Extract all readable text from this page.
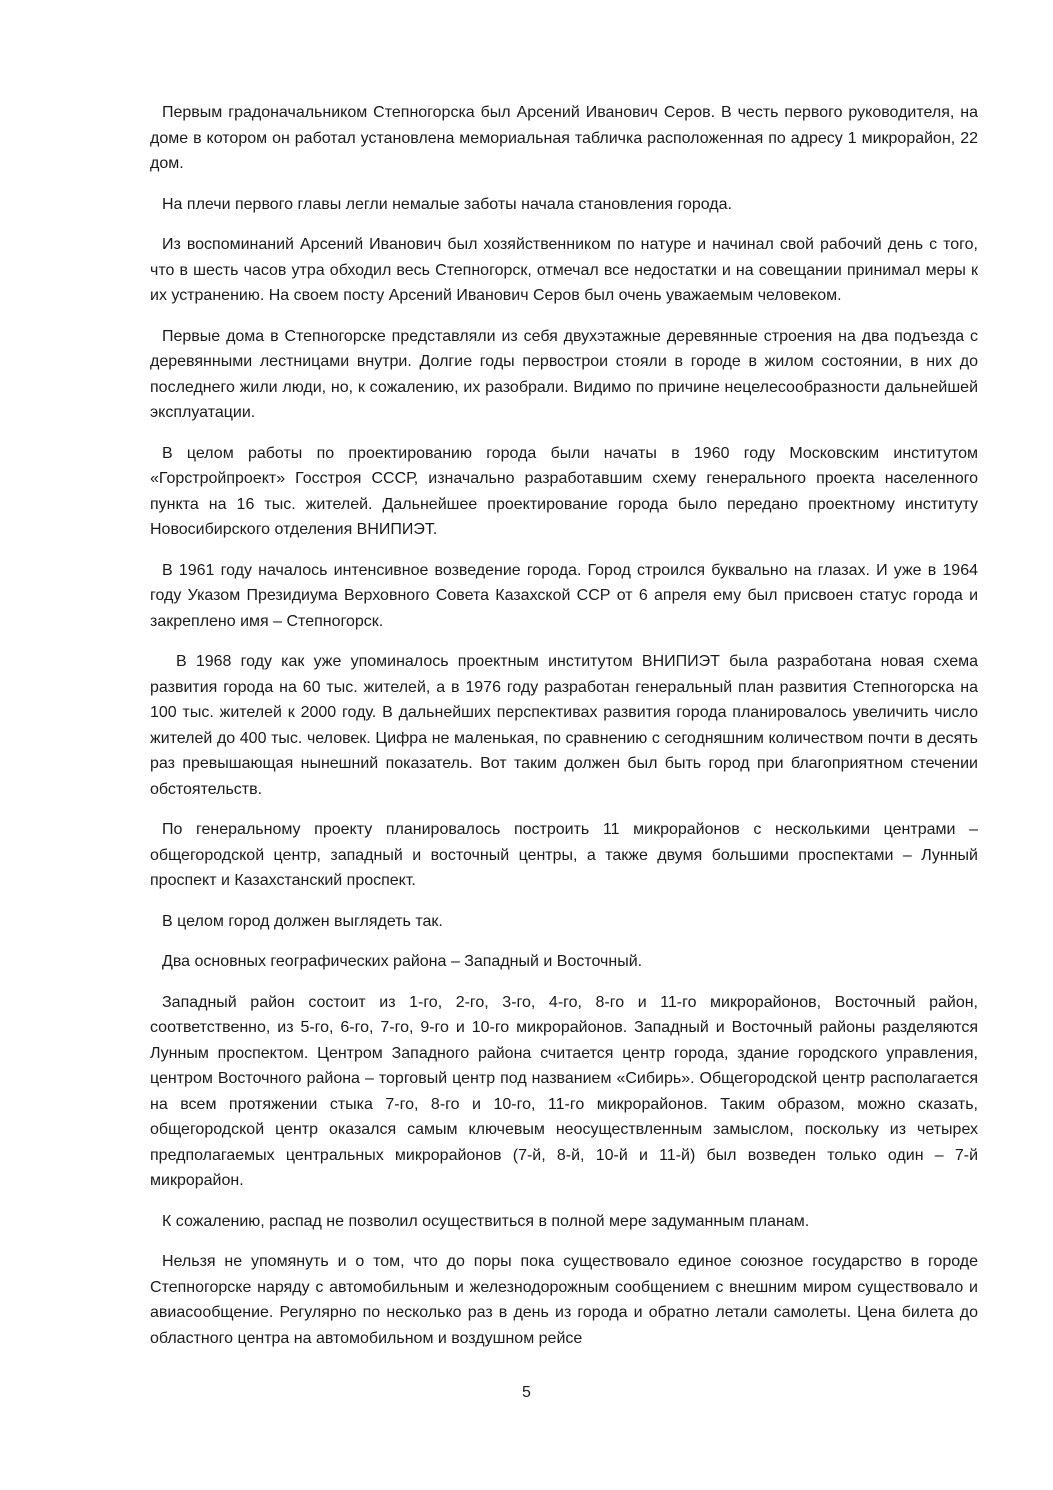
Первым градоначальником Степногорска был Арсений Иванович Серов. В честь первого руководителя, на доме в котором он работал установлена мемориальная табличка расположенная по адресу 1 микрорайон, 22 дом.

На плечи первого главы легли немалые заботы начала становления города.

Из воспоминаний Арсений Иванович был хозяйственником по натуре и начинал свой рабочий день с того, что в шесть часов утра обходил весь Степногорск, отмечал все недостатки и на совещании принимал меры к их устранению. На своем посту Арсений Иванович Серов был очень уважаемым человеком.

Первые дома в Степногорске представляли из себя двухэтажные деревянные строения на два подъезда с деревянными лестницами внутри. Долгие годы первострои стояли в городе в жилом состоянии, в них до последнего жили люди, но, к сожалению, их разобрали. Видимо по причине нецелесообразности дальнейшей эксплуатации.

В целом работы по проектированию города были начаты в 1960 году Московским институтом «Горстройпроект» Госстроя СССР, изначально разработавшим схему генерального проекта населенного пункта на 16 тыс. жителей. Дальнейшее проектирование города было передано проектному институту Новосибирского отделения ВНИПИЭТ.

В 1961 году началось интенсивное возведение города. Город строился буквально на глазах. И уже в 1964 году Указом Президиума Верховного Совета Казахской ССР от 6 апреля ему был присвоен статус города и закреплено имя – Степногорск.

В 1968 году как уже упоминалось проектным институтом ВНИПИЭТ была разработана новая схема развития города на 60 тыс. жителей, а в 1976 году разработан генеральный план развития Степногорска на 100 тыс. жителей к 2000 году. В дальнейших перспективах развития города планировалось увеличить число жителей до 400 тыс. человек. Цифра не маленькая, по сравнению с сегодняшним количеством почти в десять раз превышающая нынешний показатель. Вот таким должен был быть город при благоприятном стечении обстоятельств.

По генеральному проекту планировалось построить 11 микрорайонов с несколькими центрами – общегородской центр, западный и восточный центры, а также двумя большими проспектами – Лунный проспект и Казахстанский проспект.

В целом город должен выглядеть так.

Два основных географических района – Западный и Восточный.

Западный район состоит из 1-го, 2-го, 3-го, 4-го, 8-го и 11-го микрорайонов, Восточный район, соответственно, из 5-го, 6-го, 7-го, 9-го и 10-го микрорайонов. Западный и Восточный районы разделяются Лунным проспектом. Центром Западного района считается центр города, здание городского управления, центром Восточного района – торговый центр под названием «Сибирь». Общегородской центр располагается на всем протяжении стыка 7-го, 8-го и 10-го, 11-го микрорайонов. Таким образом, можно сказать, общегородской центр оказался самым ключевым неосуществленным замыслом, поскольку из четырех предполагаемых центральных микрорайонов (7-й, 8-й, 10-й и 11-й) был возведен только один – 7-й микрорайон.

К сожалению, распад не позволил осуществиться в полной мере задуманным планам.

Нельзя не упомянуть и о том, что до поры пока существовало единое союзное государство в городе Степногорске наряду с автомобильным и железнодорожным сообщением с внешним миром существовало и авиасообщение. Регулярно по несколько раз в день из города и обратно летали самолеты. Цена билета до областного центра на автомобильном и воздушном рейсе

5
